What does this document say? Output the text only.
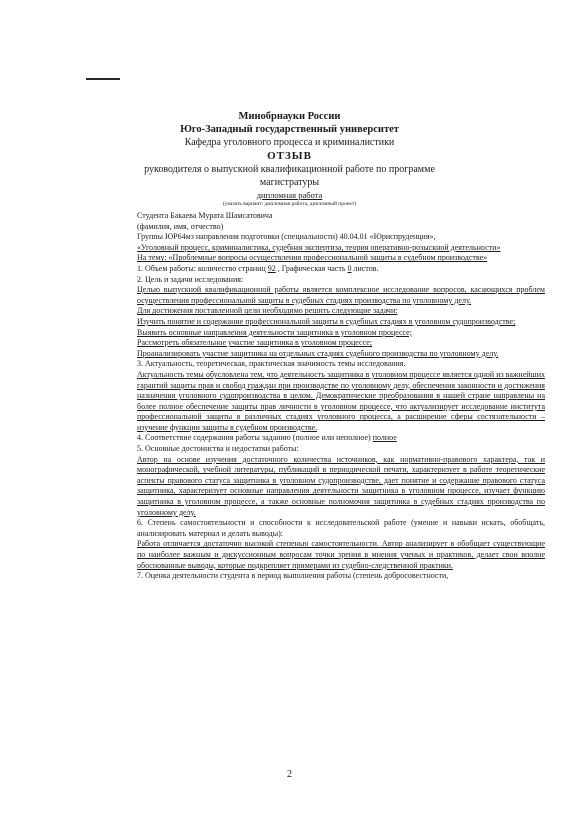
Минобрнауки России
Юго-Западный государственный университет
Кафедра уголовного процесса и криминалистики
ОТЗЫВ
руководителя о выпускной квалификационной работе по программе
магистратуры
дипломная работа
(указать вариант: дипломная работа, дипломный проект)

Студента Бакаева Мурата Шамсатовича

(фамилия, имя, отчество)

Группы ЮР64мз направления подготовки (специальности) 40.04.01 «Юриспруденция»,

«Уголовный процесс, криминалистика, судебная экспертиза, теория оперативно-розыскной деятельности»

На тему: «Проблемные вопросы осуществления профессиональной защиты в судебном производстве»

1. Объем работы: количество страниц 92 , Графическая часть 0 листов.

2. Цель и задачи исследования:

Целью выпускной квалификационной работы является комплексное исследование вопросов, касающихся проблем осуществления профессиональной защиты в судебных стадиях производства по уголовному делу.

Для достижения поставленной цели необходимо решить следующие задачи:

Изучить понятие и содержание профессиональной защиты в судебных стадиях в уголовном судопроизводстве;

Выявить основные направления деятельности защитника в уголовном процессе;

Рассмотреть обязательное участие защитника в уголовном процессе;

Проанализировать участие защитника на отдельных стадиях судебного производства по уголовному делу.

3. Актуальность, теоретическая, практическая значимость темы исследования.

Актуальность темы обусловлена тем, что деятельность защитника в уголовном процессе является одной из важнейших гарантий защиты прав и свобод граждан при производстве по уголовному делу, обеспечения законности и достижения назначения уголовного судопроизводства в целом. Демократические преобразования в нашей стране направлены на более полное обеспечение защиты прав личности в уголовном процессе, что актуализирует исследование института профессиональной защиты в различных стадиях уголовного процесса, а расширение сферы состязательности – изучение функции защиты в судебном производстве.

4. Соответствие содержания работы заданию (полное или неполное) полное

5. Основные достоинства и недостатки работы:

Автор на основе изучения достаточного количества источников, как нормативно-правового характера, так и монографической, учебной литературы, публикаций в периодической печати, характеризует в работе теоретические аспекты правового статуса защитника в уголовном судопроизводстве, дает понятие и содержание правового статуса защитника, характеризует основные направления деятельности защитника в уголовном процессе, изучает функцию защитника в уголовном процессе, а также основные полномочия защитника в судебных стадиях производства по уголовному делу.

6. Степень самостоятельности и способности к исследовательской работе (умение и навыки искать, обобщать, анализировать материал и делать выводы):

Работа отличается достаточно высокой степенью самостоятельности. Автор анализирует в обобщает существующие по наиболее важным и дискуссионным вопросам точки зрения в мнения ученых и практиков, делает свои вполне обоснованные выводы, которые подкрепляет примерами из судебно-следственной практики.

7. Оценка деятельности студента в период выполнения работы (степень добросовестности,

2
